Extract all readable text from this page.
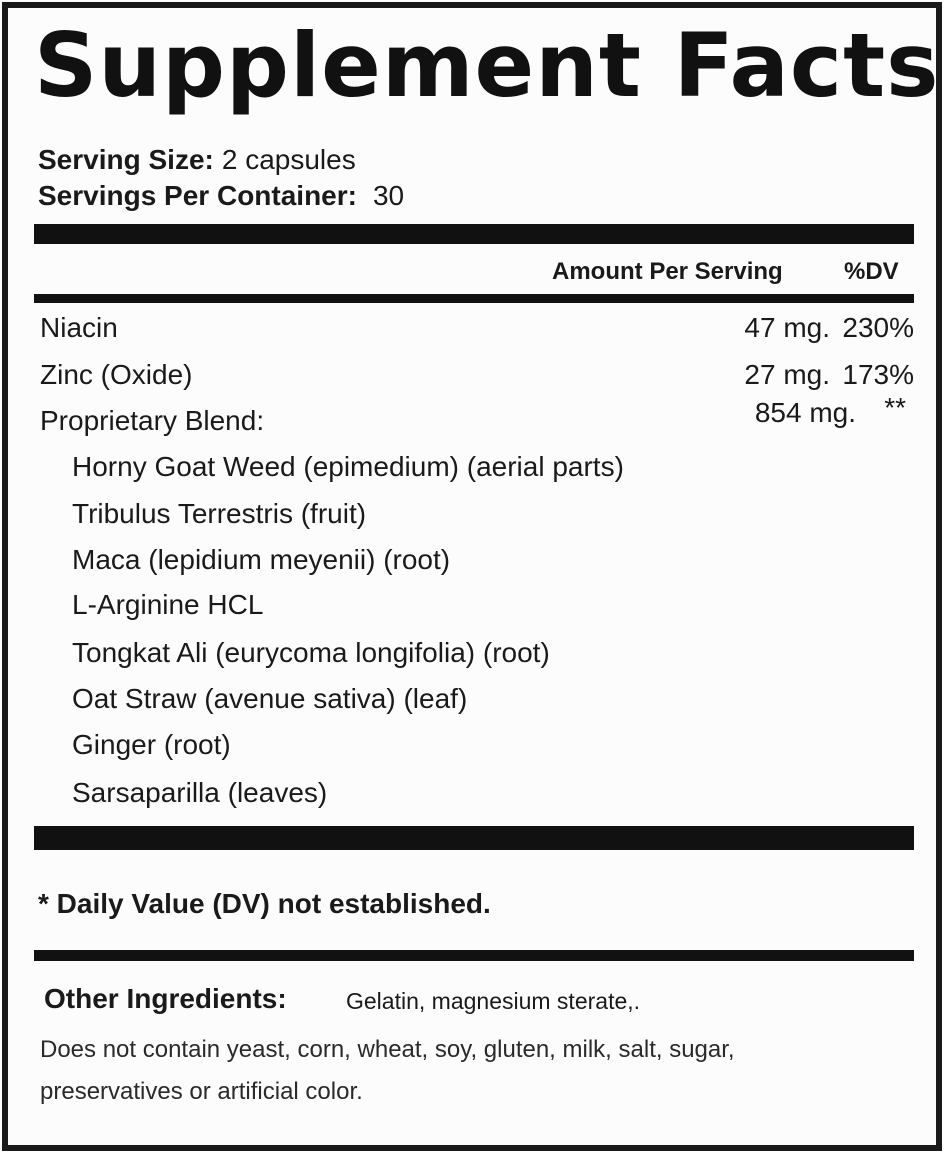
Supplement Facts
Serving Size: 2 capsules
Servings Per Container: 30
Amount Per Serving	%DV
Niacin	47 mg. 230%
Zinc (Oxide)	27 mg. 173%
Proprietary Blend:	854 mg. **
Horny Goat Weed (epimedium) (aerial parts)
Tribulus Terrestris (fruit)
Maca (lepidium meyenii) (root)
L-Arginine HCL
Tongkat Ali (eurycoma longifolia) (root)
Oat Straw (avenue sativa) (leaf)
Ginger (root)
Sarsaparilla (leaves)
* Daily Value (DV) not established.
Other Ingredients:	Gelatin, magnesium sterate,.
Does not contain yeast, corn, wheat, soy, gluten, milk, salt, sugar,
preservatives or artificial color.
